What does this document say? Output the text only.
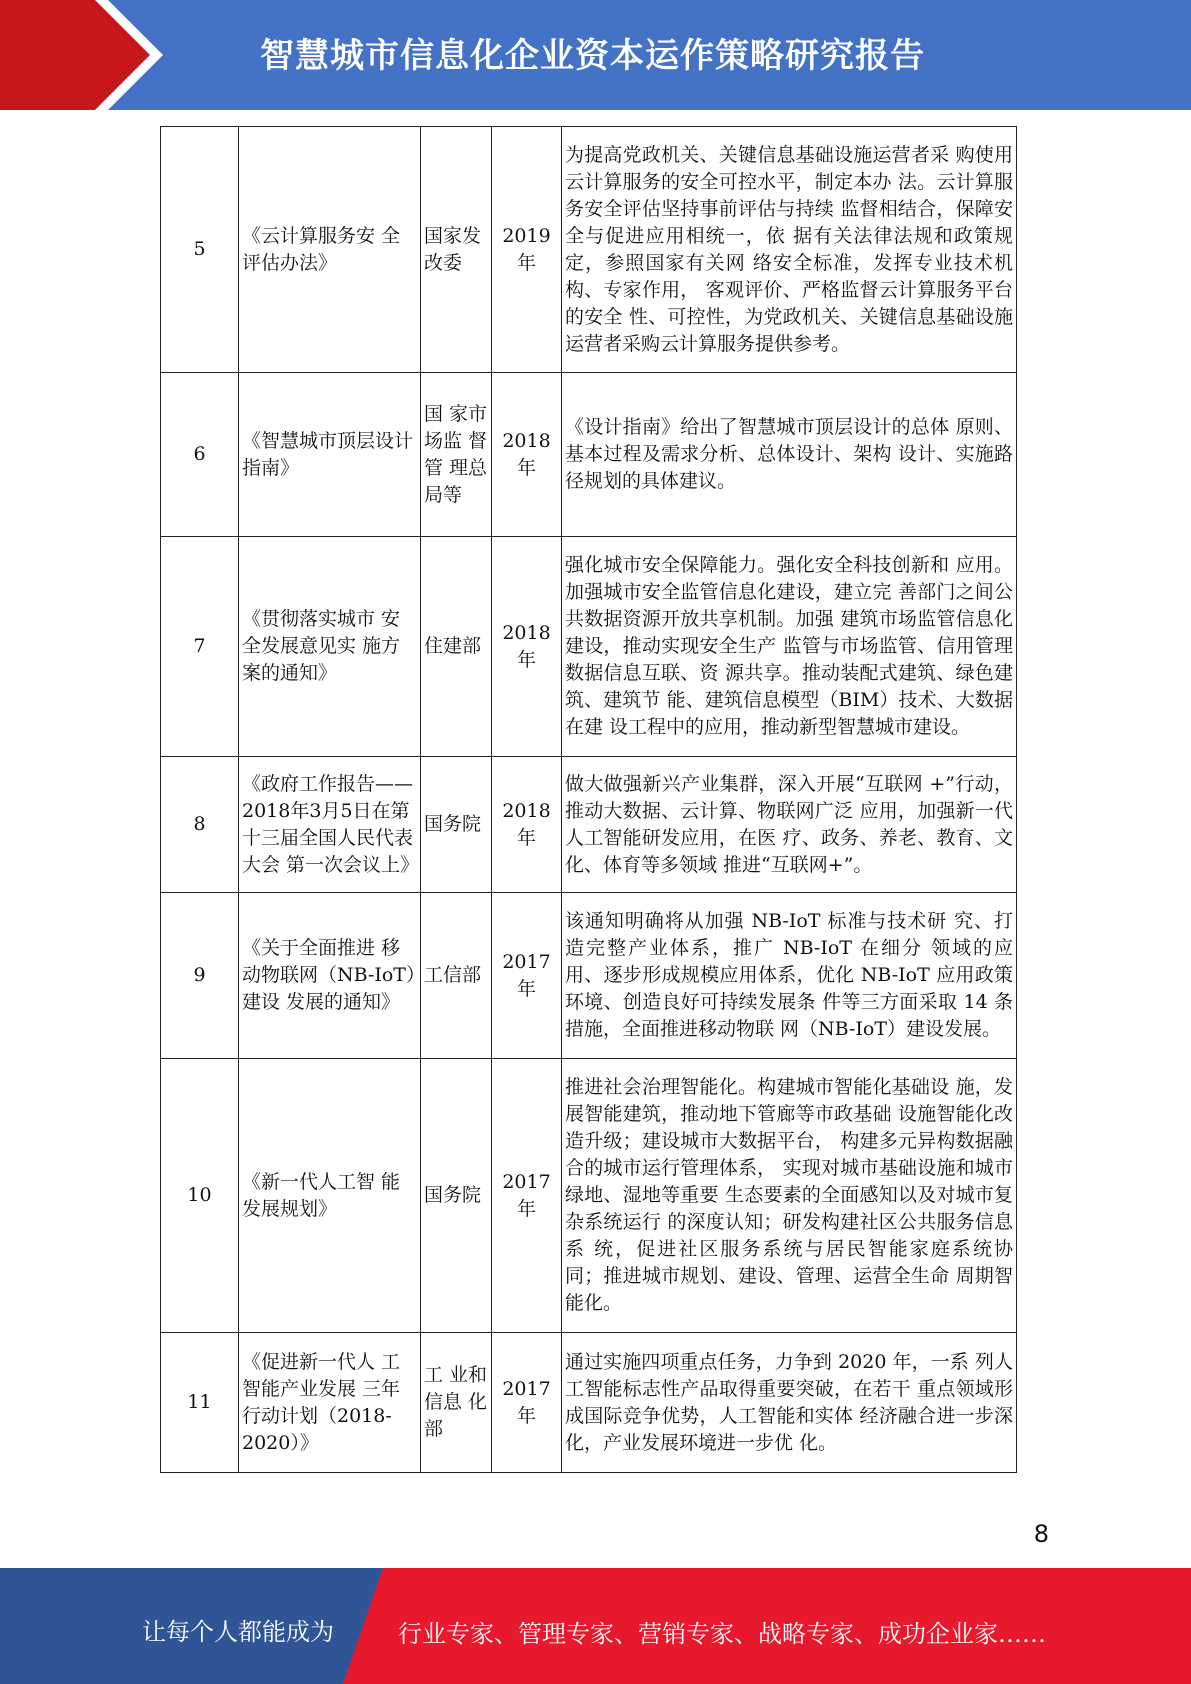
智慧城市信息化企业资本运作策略研究报告
5	《云计算服务安 全评估办法》	国家发改委	2019年	为提高党政机关、关键信息基础设施运营者采 购使用云计算服务的安全可控水平，制定本办 法。云计算服务安全评估坚持事前评估与持续 监督相结合，保障安全与促进应用相统一，依 据有关法律法规和政策规定，参照国家有关网 络安全标准，发挥专业技术机构、专家作用， 客观评价、严格监督云计算服务平台的安全 性、可控性，为党政机关、关键信息基础设施 运营者采购云计算服务提供参考。
6	《智慧城市顶层设计指南》	国 家市 场监 督管 理总 局等	2018年	《设计指南》给出了智慧城市顶层设计的总体 原则、基本过程及需求分析、总体设计、架构 设计、实施路径规划的具体建议。
7	《贯彻落实城市 安全发展意见实 施方案的通知》	住建部	2018年	强化城市安全保障能力。强化安全科技创新和 应用。加强城市安全监管信息化建设，建立完 善部门之间公共数据资源开放共享机制。加强 建筑市场监管信息化建设，推动实现安全生产 监管与市场监管、信用管理数据信息互联、资 源共享。推动装配式建筑、绿色建筑、建筑节 能、建筑信息模型（BIM）技术、大数据在建 设工程中的应用，推动新型智慧城市建设。
8	《政府工作报告——2018年3月5日在第十三届全国人民代表大会 第一次会议上》	国务院	2018年	做大做强新兴产业集群，深入开展“互联网 +”行动，推动大数据、云计算、物联网广泛 应用，加强新一代人工智能研发应用，在医 疗、政务、养老、教育、文化、体育等多领域 推进“互联网+”。
9	《关于全面推进 移动物联网（NB-IoT）建设 发展的通知》	工信部	2017年	该通知明确将从加强 NB-IoT 标准与技术研 究、打造完整产业体系，推广 NB-IoT 在细分 领域的应用、逐步形成规模应用体系，优化 NB-IoT 应用政策环境、创造良好可持续发展条 件等三方面采取 14 条措施，全面推进移动物联 网（NB-IoT）建设发展。
10	《新一代人工智 能发展规划》	国务院	2017年	推进社会治理智能化。构建城市智能化基础设 施，发展智能建筑，推动地下管廊等市政基础 设施智能化改造升级；建设城市大数据平台， 构建多元异构数据融合的城市运行管理体系， 实现对城市基础设施和城市绿地、湿地等重要 生态要素的全面感知以及对城市复杂系统运行 的深度认知；研发构建社区公共服务信息系 统，促进社区服务系统与居民智能家庭系统协 同；推进城市规划、建设、管理、运营全生命 周期智能化。
11	《促进新一代人 工智能产业发展 三年行动计划（2018-2020）》	工 业和 信息 化部	2017年	通过实施四项重点任务，力争到 2020 年，一系 列人工智能标志性产品取得重要突破，在若干 重点领域形成国际竞争优势，人工智能和实体 经济融合进一步深化，产业发展环境进一步优 化。
8
让每个人都能成为	行业专家、管理专家、营销专家、战略专家、成功企业家……
